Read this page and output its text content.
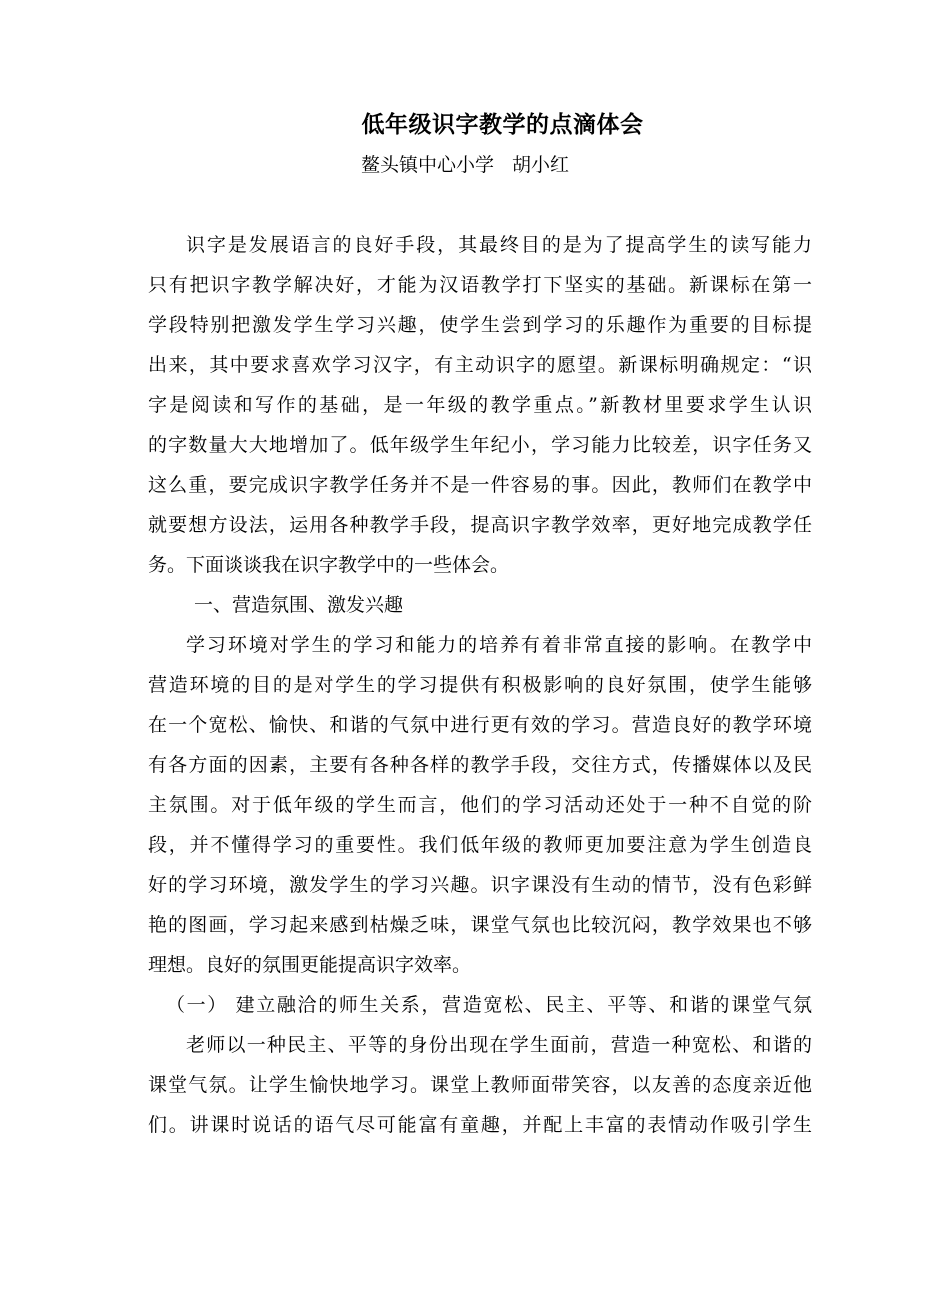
低年级识字教学的点滴体会
鳌头镇中心小学   胡小红
识字是发展语言的良好手段，其最终目的是为了提高学生的读写能力
只有把识字教学解决好，才能为汉语教学打下坚实的基础。新课标在第一
学段特别把激发学生学习兴趣，使学生尝到学习的乐趣作为重要的目标提
出来，其中要求喜欢学习汉字，有主动识字的愿望。新课标明确规定：“识
字是阅读和写作的基础，是一年级的教学重点。”新教材里要求学生认识
的字数量大大地增加了。低年级学生年纪小，学习能力比较差，识字任务又
这么重，要完成识字教学任务并不是一件容易的事。因此，教师们在教学中
就要想方设法，运用各种教学手段，提高识字教学效率，更好地完成教学任
务。下面谈谈我在识字教学中的一些体会。
一、营造氛围、激发兴趣
学习环境对学生的学习和能力的培养有着非常直接的影响。在教学中
营造环境的目的是对学生的学习提供有积极影响的良好氛围，使学生能够
在一个宽松、愉快、和谐的气氛中进行更有效的学习。营造良好的教学环境
有各方面的因素，主要有各种各样的教学手段，交往方式，传播媒体以及民
主氛围。对于低年级的学生而言，他们的学习活动还处于一种不自觉的阶
段，并不懂得学习的重要性。我们低年级的教师更加要注意为学生创造良
好的学习环境，激发学生的学习兴趣。识字课没有生动的情节，没有色彩鲜
艳的图画，学习起来感到枯燥乏味，课堂气氛也比较沉闷，教学效果也不够
理想。良好的氛围更能提高识字效率。
（一） 建立融洽的师生关系，营造宽松、民主、平等、和谐的课堂气氛
老师以一种民主、平等的身份出现在学生面前，营造一种宽松、和谐的
课堂气氛。让学生愉快地学习。课堂上教师面带笑容，以友善的态度亲近他
们。讲课时说话的语气尽可能富有童趣，并配上丰富的表情动作吸引学生
